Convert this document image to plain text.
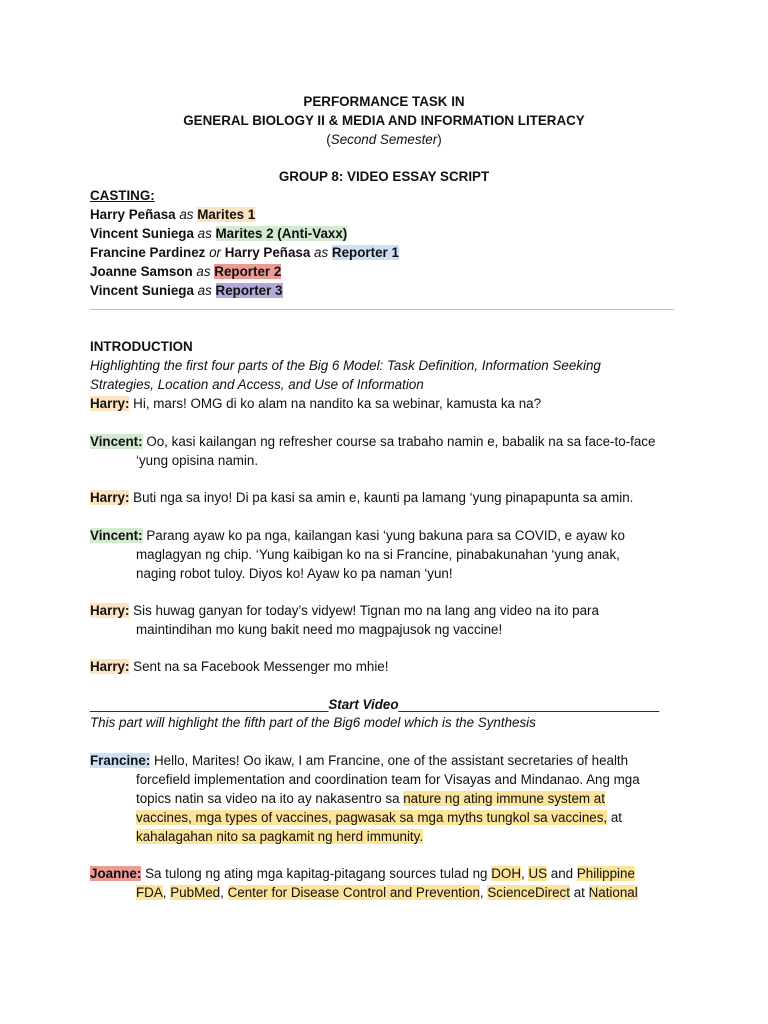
PERFORMANCE TASK IN
GENERAL BIOLOGY II & MEDIA AND INFORMATION LITERACY
(Second Semester)
GROUP 8: VIDEO ESSAY SCRIPT
CASTING:
Harry Peñasa as Marites 1
Vincent Suniega as Marites 2 (Anti-Vaxx)
Francine Pardinez or Harry Peñasa as Reporter 1
Joanne Samson as Reporter 2
Vincent Suniega as Reporter 3
INTRODUCTION
Highlighting the first four parts of the Big 6 Model: Task Definition, Information Seeking
Strategies, Location and Access, and Use of Information
Harry: Hi, mars! OMG di ko alam na nandito ka sa webinar, kamusta ka na?
Vincent: Oo, kasi kailangan ng refresher course sa trabaho namin e, babalik na sa face-to-face
‘yung opisina namin.
Harry: Buti nga sa inyo! Di pa kasi sa amin e, kaunti pa lamang ‘yung pinapapunta sa amin.
Vincent: Parang ayaw ko pa nga, kailangan kasi ‘yung bakuna para sa COVID, e ayaw ko
maglagyan ng chip. ‘Yung kaibigan ko na si Francine, pinabakunahan ‘yung anak,
naging robot tuloy. Diyos ko! Ayaw ko pa naman ‘yun!
Harry: Sis huwag ganyan for today’s vidyew! Tignan mo na lang ang video na ito para
maintindihan mo kung bakit need mo magpajusok ng vaccine!
Harry: Sent na sa Facebook Messenger mo mhie!
________________________________Start Video___________________________________
This part will highlight the fifth part of the Big6 model which is the Synthesis
Francine: Hello, Marites! Oo ikaw, I am Francine, one of the assistant secretaries of health
forcefield implementation and coordination team for Visayas and Mindanao. Ang mga
topics natin sa video na ito ay nakasentro sa nature ng ating immune system at
vaccines, mga types of vaccines, pagwasak sa mga myths tungkol sa vaccines, at
kahalagahan nito sa pagkamit ng herd immunity.
Joanne: Sa tulong ng ating mga kapitag-pitagang sources tulad ng DOH, US and Philippine
FDA, PubMed, Center for Disease Control and Prevention, ScienceDirect at National
